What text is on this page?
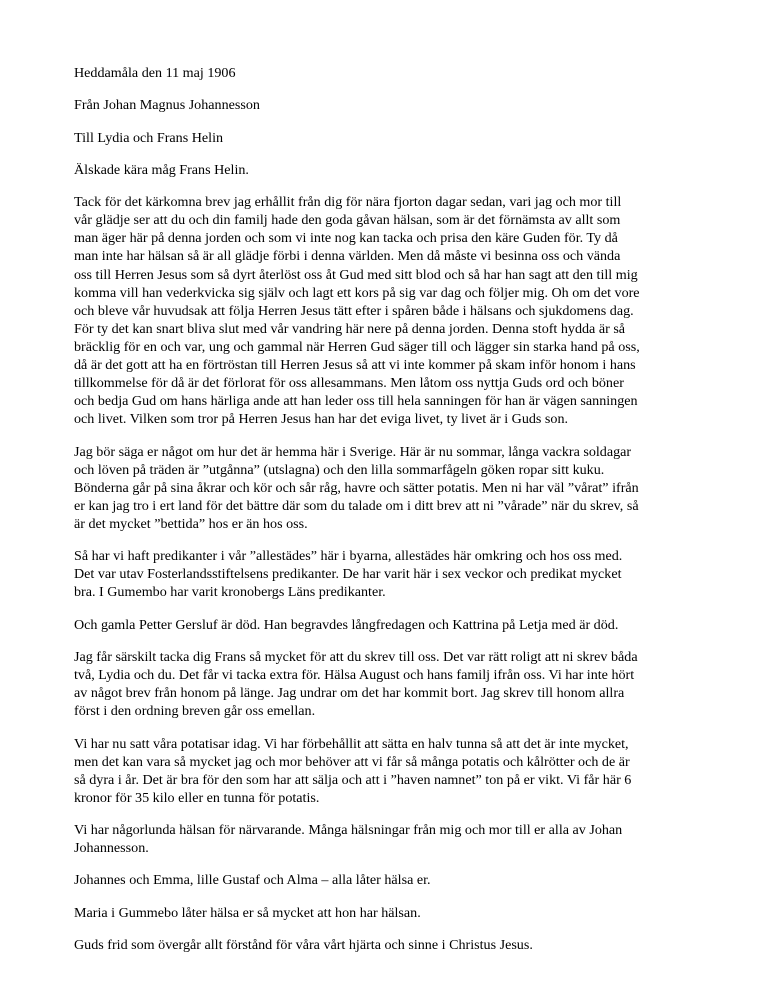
Heddamåla den 11 maj 1906

Från Johan Magnus Johannesson

Till Lydia och Frans Helin

Älskade kära måg Frans Helin.

Tack för det kärkomna brev jag erhållit från dig för nära fjorton dagar sedan, vari jag och mor till
vår glädje ser att du och din familj hade den goda gåvan hälsan, som är det förnämsta av allt som
man äger här på denna jorden och som vi inte nog kan tacka och prisa den käre Guden för. Ty då
man inte har hälsan så är all glädje förbi i denna världen. Men då måste vi besinna oss och vända
oss till Herren Jesus som så dyrt återlöst oss åt Gud med sitt blod och så har han sagt att den till mig
komma vill han vederkvicka sig själv och lagt ett kors på sig var dag och följer mig. Oh om det vore
och bleve vår huvudsak att följa Herren Jesus tätt efter i spåren både i hälsans och sjukdomens dag.
För ty det kan snart bliva slut med vår vandring här nere på denna jorden. Denna stoft hydda är så
bräcklig för en och var, ung och gammal när Herren Gud säger till och lägger sin starka hand på oss,
då är det gott att ha en förtröstan till Herren Jesus så att vi inte kommer på skam inför honom i hans
tillkommelse för då är det förlorat för oss allesammans. Men låtom oss nyttja Guds ord och böner
och bedja Gud om hans härliga ande att han leder oss till hela sanningen för han är vägen sanningen
och livet. Vilken som tror på Herren Jesus han har det eviga livet, ty livet är i Guds son.
Jag bör säga er något om hur det är hemma här i Sverige. Här är nu sommar, långa vackra soldagar
och löven på träden är ”utgånna” (utslagna) och den lilla sommarfågeln göken ropar sitt kuku.
Bönderna går på sina åkrar och kör och sår råg, havre och sätter potatis. Men ni har väl ”vårat” ifrån
er kan jag tro i ert land för det bättre där som du talade om i ditt brev att ni ”vårade” när du skrev, så
är det mycket ”bettida” hos er än hos oss.
Så har vi haft predikanter i vår ”allestädes” här i byarna, allestädes här omkring och hos oss med.
Det var utav Fosterlandsstiftelsens predikanter. De har varit här i sex veckor och predikat mycket
bra. I Gumembo har varit kronobergs Läns predikanter.
Och gamla Petter Gersluf är död. Han begravdes långfredagen och Kattrina på Letja med är död.
Jag får särskilt tacka dig Frans så mycket för att du skrev till oss. Det var rätt roligt att ni skrev båda
två, Lydia och du. Det får vi tacka extra för. Hälsa August och hans familj ifrån oss. Vi har inte hört
av något brev från honom på länge. Jag undrar om det har kommit bort. Jag skrev till honom allra
först i den ordning breven går oss emellan.
Vi har nu satt våra potatisar idag. Vi har förbehållit att sätta en halv tunna så att det är inte mycket,
men det kan vara så mycket jag och mor behöver att vi får så många potatis och kålrötter och de är
så dyra i år. Det är bra för den som har att sälja och att i ”haven namnet” ton på er vikt. Vi får här 6
kronor för 35 kilo eller en tunna för potatis.
Vi har någorlunda hälsan för närvarande. Många hälsningar från mig och mor till er alla av Johan
Johannesson.
Johannes och Emma, lille Gustaf och Alma – alla låter hälsa er.
Maria i Gummebo låter hälsa er så mycket att hon har hälsan.
Guds frid som övergår allt förstånd för våra vårt hjärta och sinne i Christus Jesus.
